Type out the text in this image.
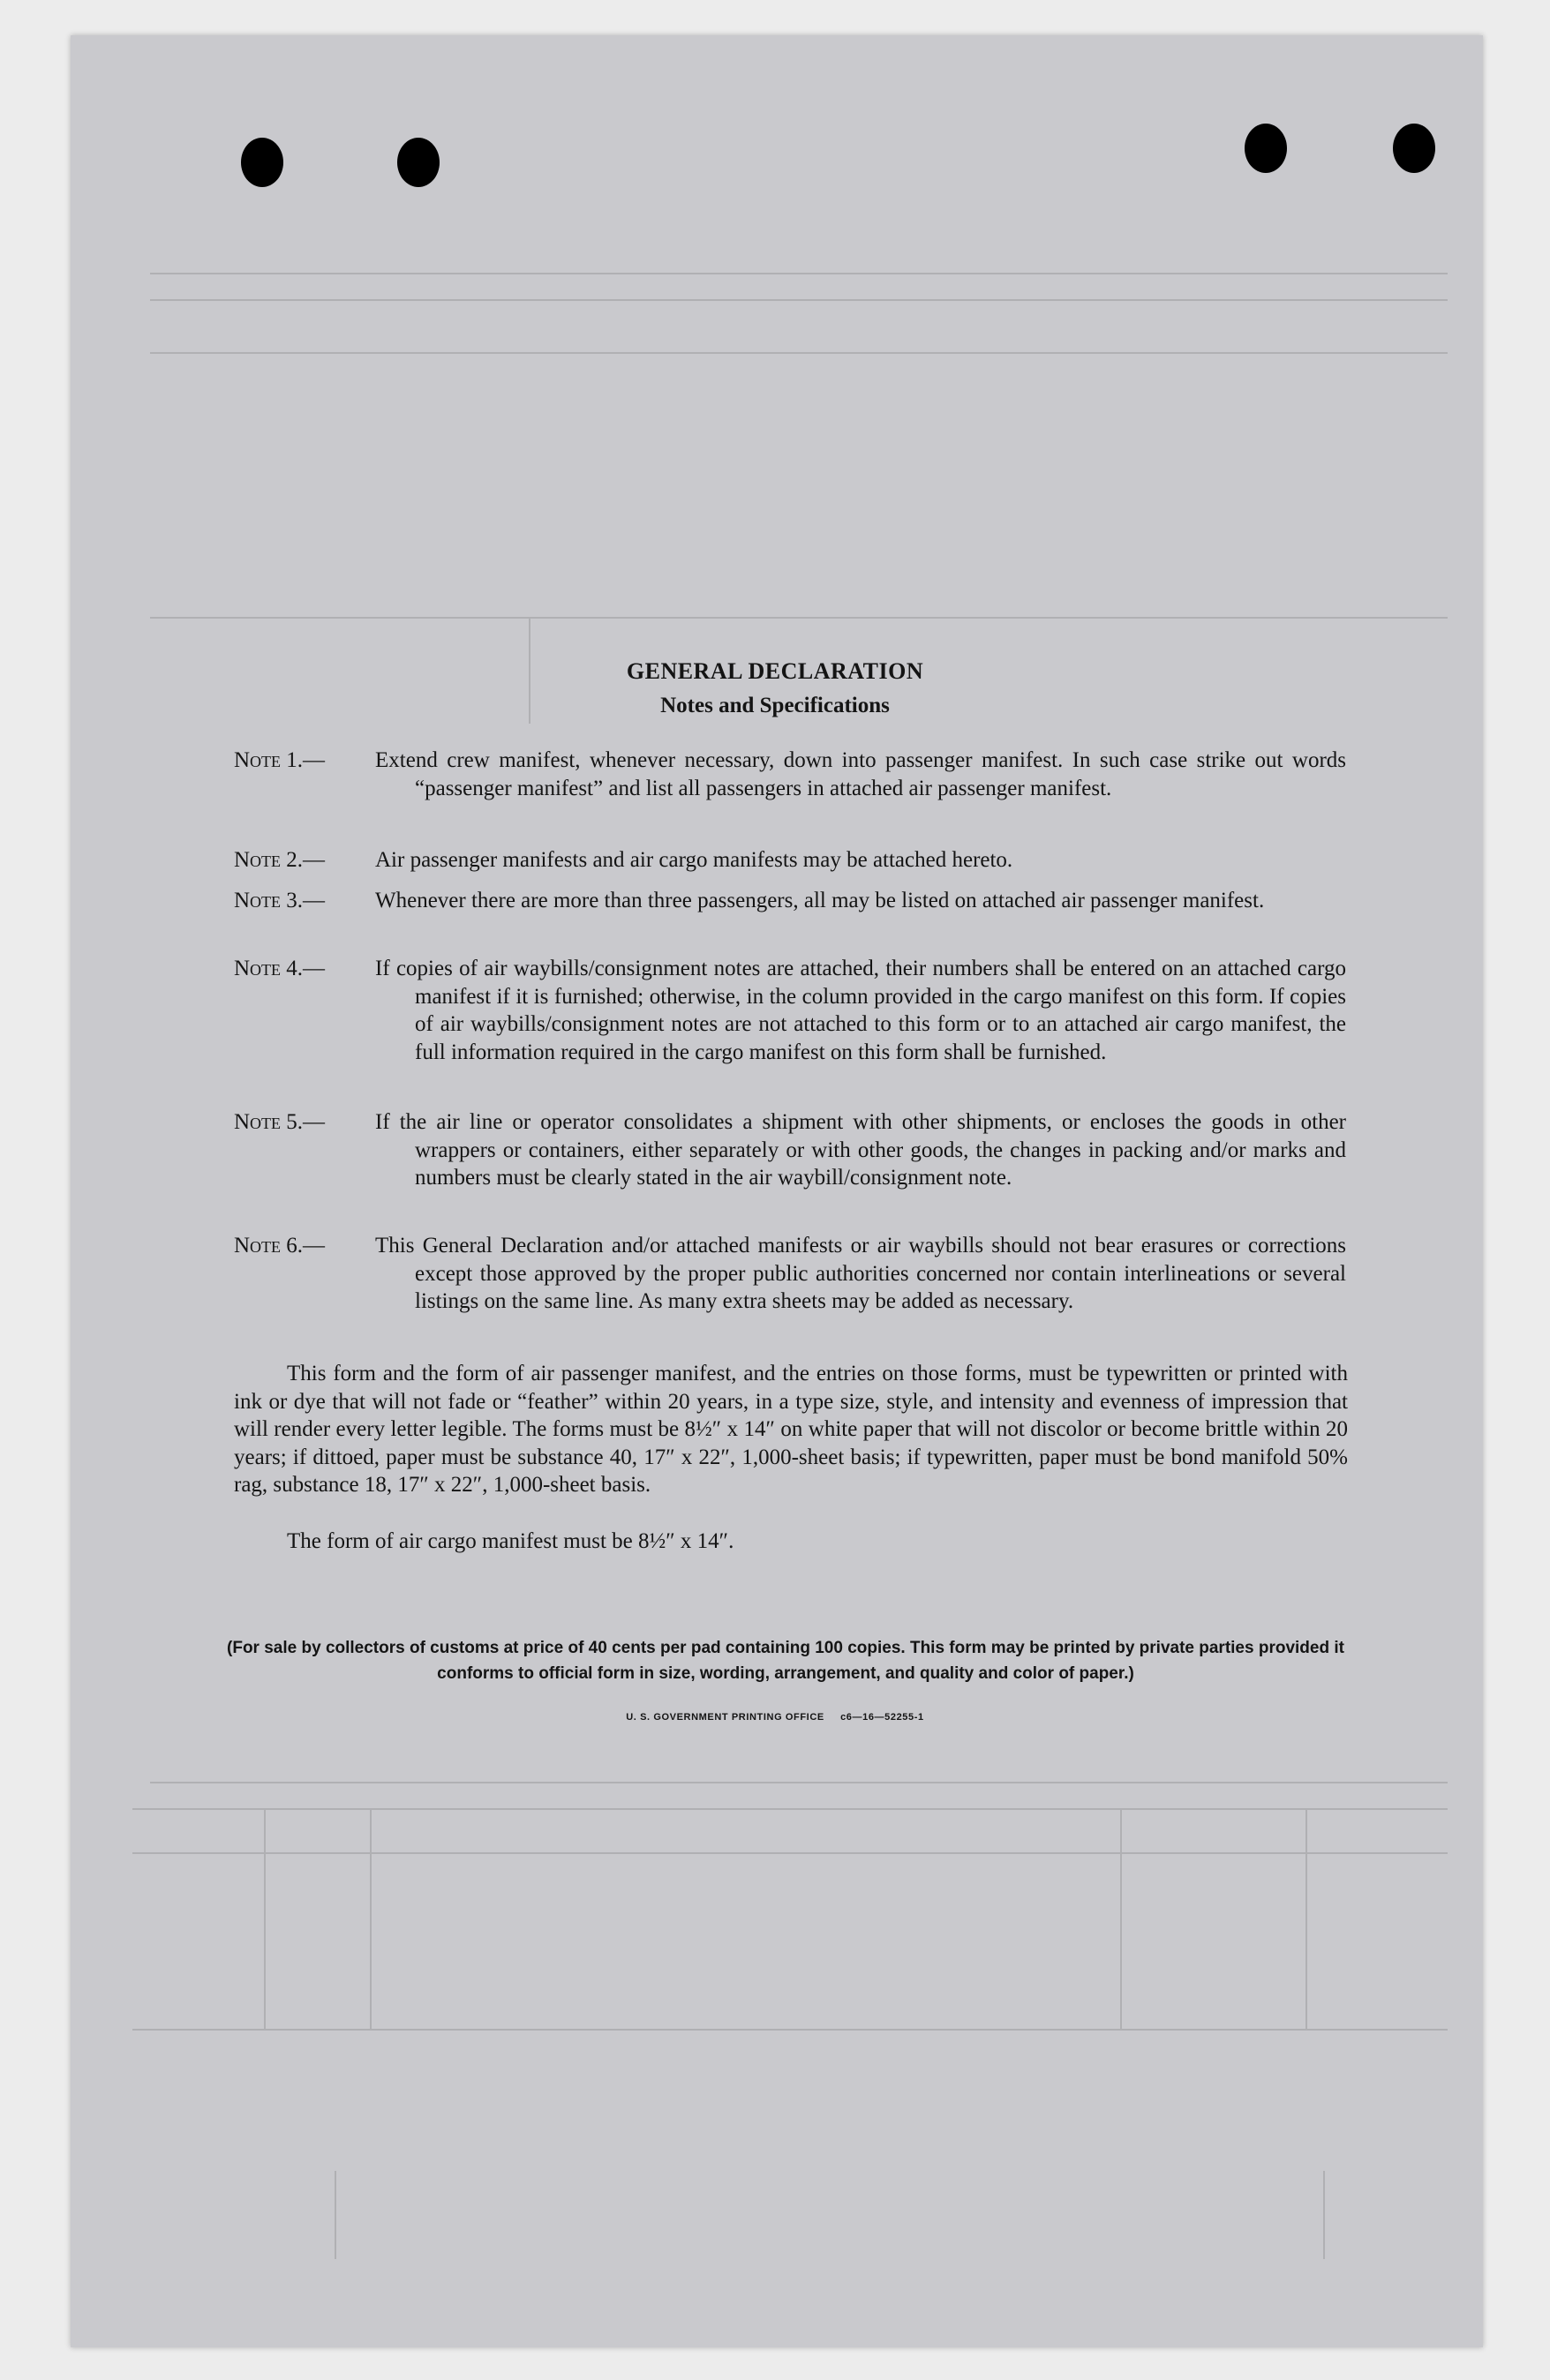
GENERAL DECLARATION
Notes and Specifications
Note 1.—	Extend crew manifest, whenever necessary, down into passenger manifest. In such case strike out words “passenger manifest” and list all passengers in attached air passenger manifest.
Note 2.—	Air passenger manifests and air cargo manifests may be attached hereto.
Note 3.—	Whenever there are more than three passengers, all may be listed on attached air passenger manifest.
Note 4.—	If copies of air waybills/consignment notes are attached, their numbers shall be entered on an attached cargo manifest if it is furnished; otherwise, in the column provided in the cargo manifest on this form. If copies of air waybills/consignment notes are not attached to this form or to an attached air cargo manifest, the full information required in the cargo manifest on this form shall be furnished.
Note 5.—	If the air line or operator consolidates a shipment with other shipments, or encloses the goods in other wrappers or containers, either separately or with other goods, the changes in packing and/or marks and numbers must be clearly stated in the air waybill/consignment note.
Note 6.—	This General Declaration and/or attached manifests or air waybills should not bear erasures or corrections except those approved by the proper public authorities concerned nor contain interlineations or several listings on the same line. As many extra sheets may be added as necessary.
This form and the form of air passenger manifest, and the entries on those forms, must be typewritten or printed with ink or dye that will not fade or “feather” within 20 years, in a type size, style, and intensity and evenness of impression that will render every letter legible. The forms must be 8½″ x 14″ on white paper that will not discolor or become brittle within 20 years; if dittoed, paper must be substance 40, 17″ x 22″, 1,000-sheet basis; if typewritten, paper must be bond manifold 50% rag, substance 18, 17″ x 22″, 1,000-sheet basis.
The form of air cargo manifest must be 8½″ x 14″.
(For sale by collectors of customs at price of 40 cents per pad containing 100 copies. This form may be printed by private parties provided it conforms to official form in size, wording, arrangement, and quality and color of paper.)
U. S. GOVERNMENT PRINTING OFFICE     c6—16—52255-1
